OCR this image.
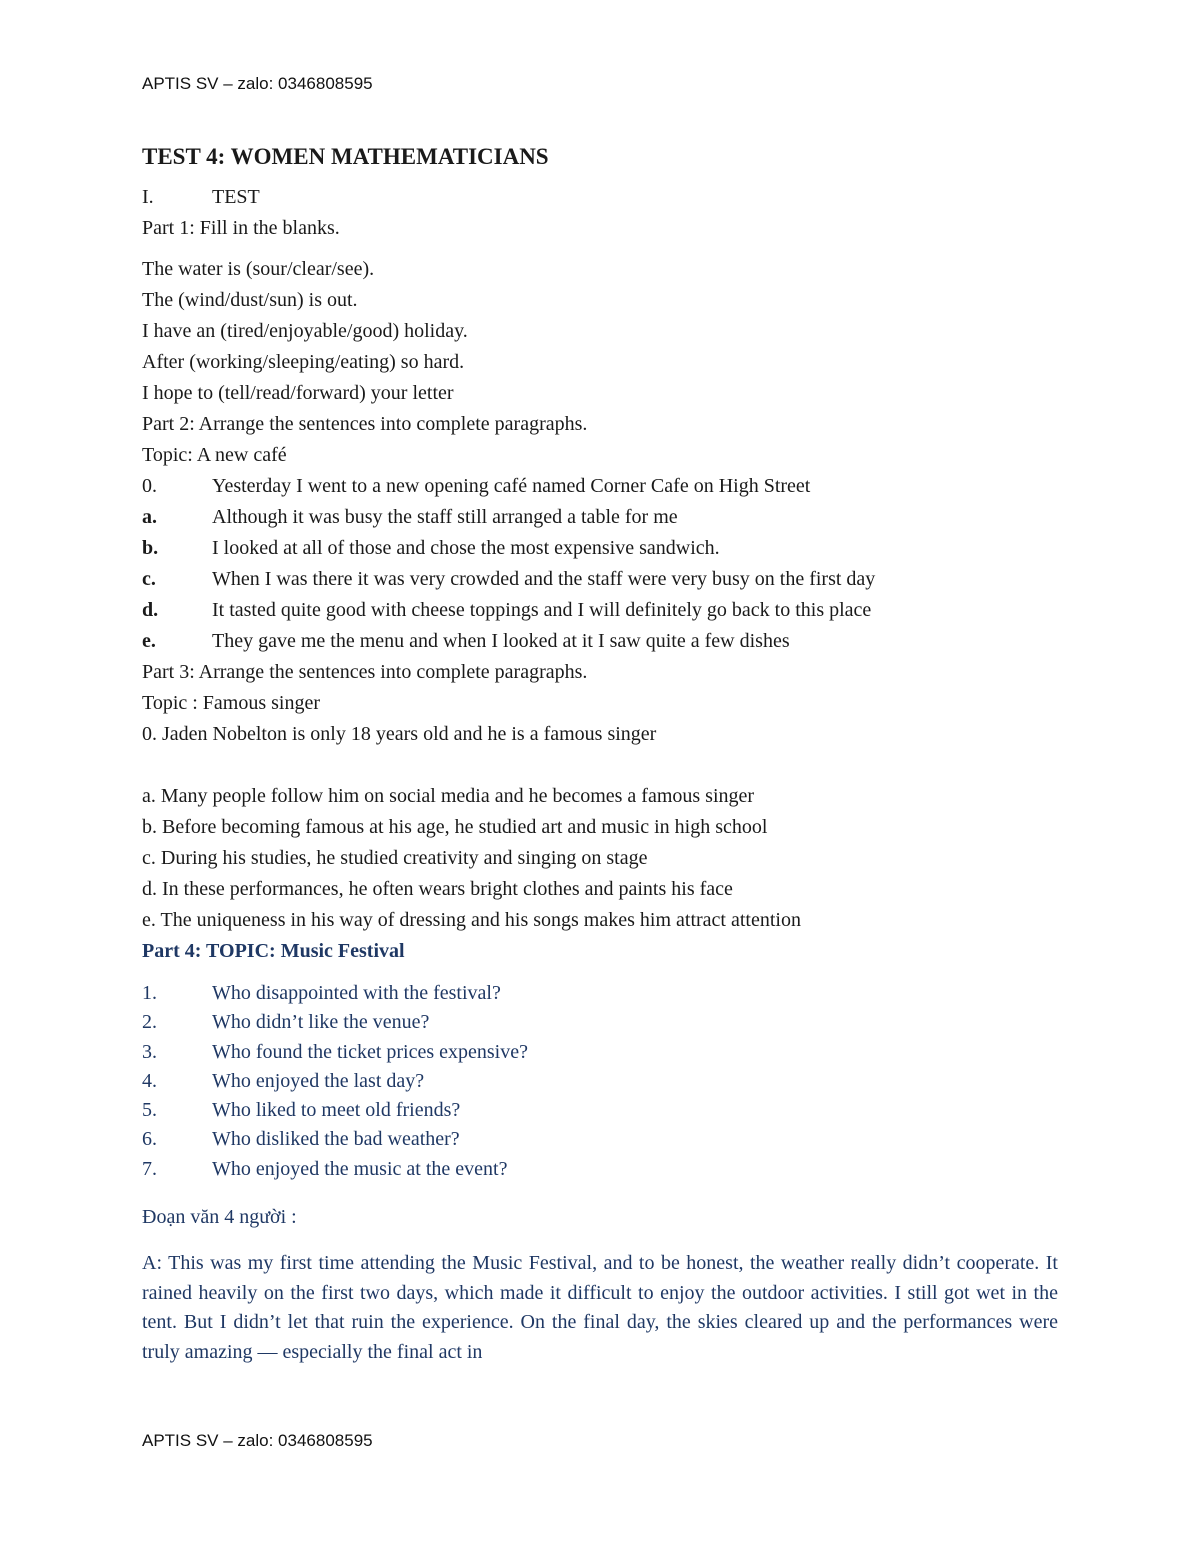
APTIS SV – zalo: 0346808595
TEST 4: WOMEN MATHEMATICIANS
I.	TEST
Part 1: Fill in the blanks.
The water is (sour/clear/see).
The (wind/dust/sun) is out.
I have an (tired/enjoyable/good) holiday.
After (working/sleeping/eating) so hard.
I hope to (tell/read/forward) your letter
Part 2: Arrange the sentences into complete paragraphs.
Topic: A new café
0.	Yesterday I went to a new opening café named Corner Cafe on High Street
a.	Although it was busy the staff still arranged a table for me
b.	I looked at all of those and chose the most expensive sandwich.
c.	When I was there it was very crowded and the staff were very busy on the first day
d.	It tasted quite good with cheese toppings and I will definitely go back to this place
e.	They gave me the menu and when I looked at it I saw quite a few dishes
Part 3: Arrange the sentences into complete paragraphs.
Topic : Famous singer
0. Jaden Nobelton is only 18 years old and he is a famous singer
a. Many people follow him on social media and he becomes a famous singer
b. Before becoming famous at his age, he studied art and music in high school
c. During his studies, he studied creativity and singing on stage
d. In these performances, he often wears bright clothes and paints his face
e. The uniqueness in his way of dressing and his songs makes him attract attention
Part 4: TOPIC: Music Festival
1.	Who disappointed with the festival?
2.	Who didn’t like the venue?
3.	Who found the ticket prices expensive?
4.	Who enjoyed the last day?
5.	Who liked to meet old friends?
6.	Who disliked the bad weather?
7.	Who enjoyed the music at the event?
Đoạn văn 4 người :
A: This was my first time attending the Music Festival, and to be honest, the weather really didn’t cooperate. It rained heavily on the first two days, which made it difficult to enjoy the outdoor activities. I still got wet in the tent. But I didn’t let that ruin the experience. On the final day, the skies cleared up and the performances were truly amazing — especially the final act in
APTIS SV – zalo: 0346808595
